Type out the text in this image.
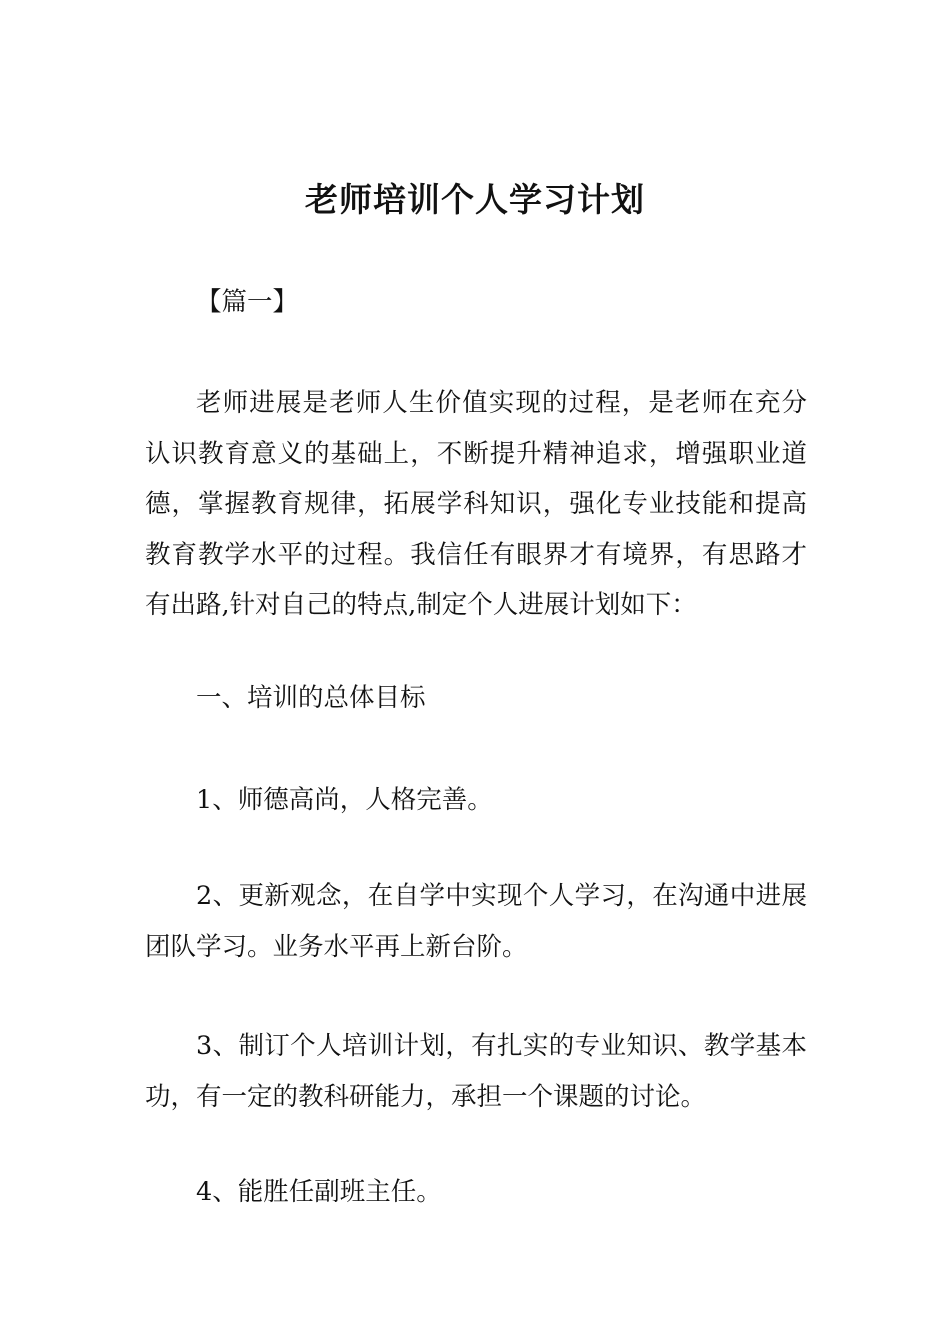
老师培训个人学习计划
【篇一】
老师进展是老师人生价值实现的过程，是老师在充分认识教育意义的基础上，不断提升精神追求，增强职业道德，掌握教育规律，拓展学科知识，强化专业技能和提高教育教学水平的过程。我信任有眼界才有境界，有思路才有出路,针对自己的特点,制定个人进展计划如下：
一、培训的总体目标
1、师德高尚，人格完善。
2、更新观念，在自学中实现个人学习，在沟通中进展团队学习。业务水平再上新台阶。
3、制订个人培训计划，有扎实的专业知识、教学基本功，有一定的教科研能力，承担一个课题的讨论。
4、能胜任副班主任。
